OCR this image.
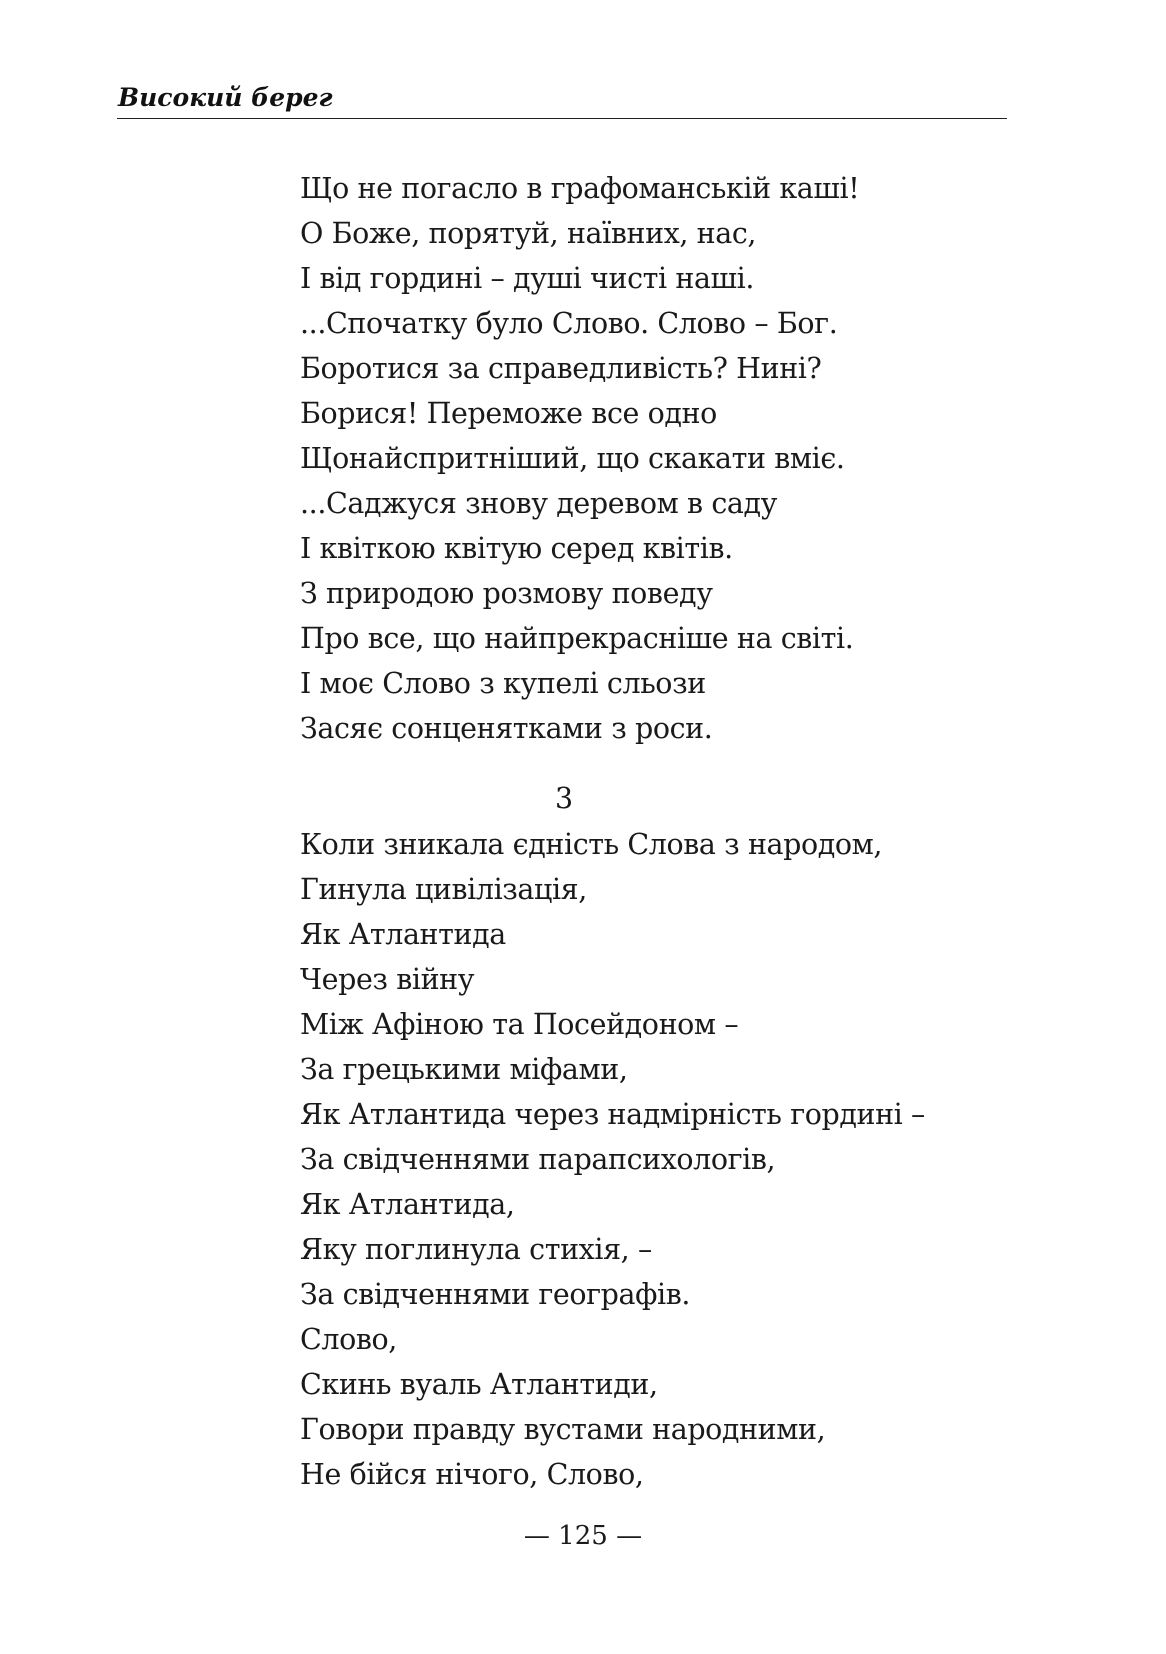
Високий берег
Що не погасло в графоманській каші!
О Боже, порятуй, наївних, нас,
І від гордині – душі чисті наші.
...Спочатку було Слово. Слово – Бог.
Боротися за справедливість? Нині?
Борися! Переможе все одно
Щонайспритніший, що скакати вміє.
...Саджуся знову деревом в саду
І квіткою квітую серед квітів.
З природою розмову поведу
Про все, що найпрекрасніше на світі.
І моє Слово з купелі сльози
Засяє сонценятками з роси.
3
Коли зникала єдність Слова з народом,
Гинула цивілізація,
Як Атлантида
Через війну
Між Афіною та Посейдоном –
За грецькими міфами,
Як Атлантида через надмірність гордині –
За свідченнями парапсихологів,
Як Атлантида,
Яку поглинула стихія, –
За свідченнями географів.
Слово,
Скинь вуаль Атлантиди,
Говори правду вустами народними,
Не бійся нічого, Слово,
— 125 —
